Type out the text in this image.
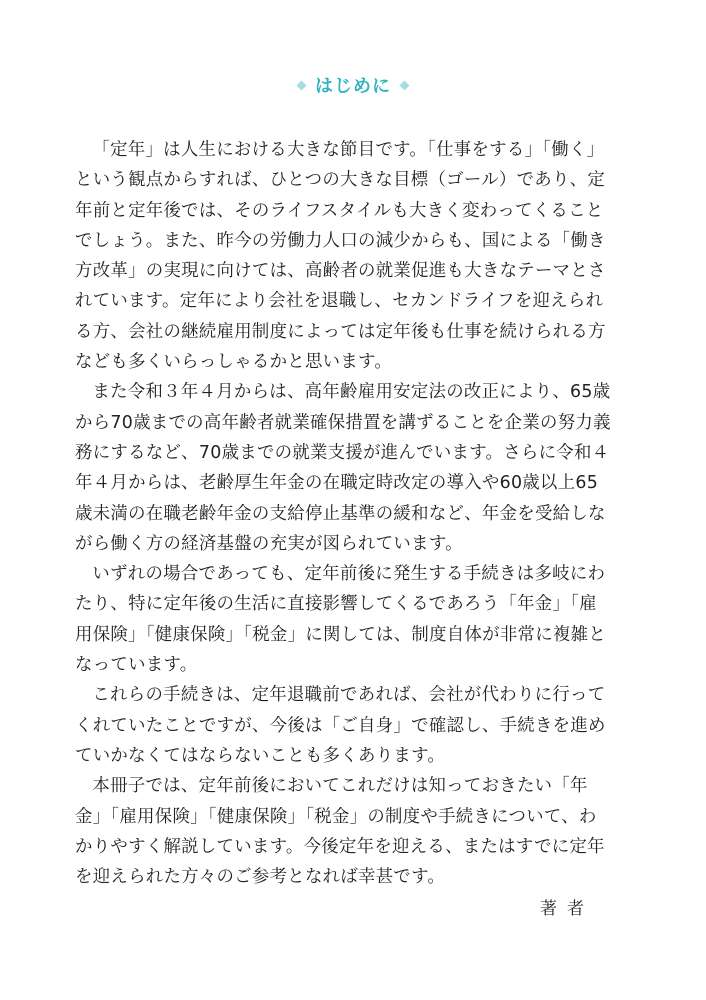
はじめに

「定年」は人生における大きな節目です。「仕事をする」「働く」という観点からすれば、ひとつの大きな目標（ゴール）であり、定年前と定年後では、そのライフスタイルも大きく変わってくることでしょう。また、昨今の労働力人口の減少からも、国による「働き方改革」の実現に向けては、高齢者の就業促進も大きなテーマとされています。定年により会社を退職し、セカンドライフを迎えられる方、会社の継続雇用制度によっては定年後も仕事を続けられる方なども多くいらっしゃるかと思います。

また令和３年４月からは、高年齢雇用安定法の改正により、65歳から70歳までの高年齢者就業確保措置を講ずることを企業の努力義務にするなど、70歳までの就業支援が進んでいます。さらに令和４年４月からは、老齢厚生年金の在職定時改定の導入や60歳以上65歳未満の在職老齢年金の支給停止基準の緩和など、年金を受給しながら働く方の経済基盤の充実が図られています。

いずれの場合であっても、定年前後に発生する手続きは多岐にわたり、特に定年後の生活に直接影響してくるであろう「年金」「雇用保険」「健康保険」「税金」に関しては、制度自体が非常に複雑となっています。

これらの手続きは、定年退職前であれば、会社が代わりに行ってくれていたことですが、今後は「ご自身」で確認し、手続きを進めていかなくてはならないことも多くあります。

本冊子では、定年前後においてこれだけは知っておきたい「年金」「雇用保険」「健康保険」「税金」の制度や手続きについて、わかりやすく解説しています。今後定年を迎える、またはすでに定年を迎えられた方々のご参考となれば幸甚です。

著者
